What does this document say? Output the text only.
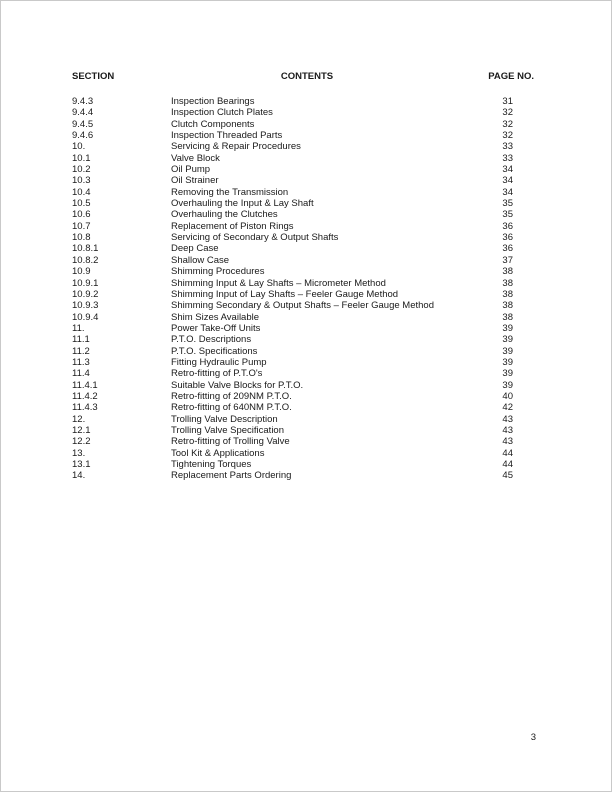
SECTION	CONTENTS	PAGE NO.
9.4.3	Inspection Bearings	31
9.4.4	Inspection Clutch Plates	32
9.4.5	Clutch Components	32
9.4.6	Inspection Threaded Parts	32
10.	Servicing & Repair Procedures	33
10.1	Valve Block	33
10.2	Oil Pump	34
10.3	Oil Strainer	34
10.4	Removing the Transmission	34
10.5	Overhauling the Input & Lay Shaft	35
10.6	Overhauling the Clutches	35
10.7	Replacement of Piston Rings	36
10.8	Servicing of Secondary & Output Shafts	36
10.8.1	Deep Case	36
10.8.2	Shallow Case	37
10.9	Shimming Procedures	38
10.9.1	Shimming Input & Lay Shafts – Micrometer Method	38
10.9.2	Shimming Input of Lay Shafts – Feeler Gauge Method	38
10.9.3	Shimming Secondary & Output Shafts – Feeler Gauge Method	38
10.9.4	Shim Sizes Available	38
11.	Power Take-Off Units	39
11.1	P.T.O. Descriptions	39
11.2	P.T.O. Specifications	39
11.3	Fitting Hydraulic Pump	39
11.4	Retro-fitting of P.T.O's	39
11.4.1	Suitable Valve Blocks for P.T.O.	39
11.4.2	Retro-fitting of 209NM P.T.O.	40
11.4.3	Retro-fitting of 640NM P.T.O.	42
12.	Trolling Valve Description	43
12.1	Trolling Valve Specification	43
12.2	Retro-fitting of Trolling Valve	43
13.	Tool Kit & Applications	44
13.1	Tightening Torques	44
14.	Replacement Parts Ordering	45
3
